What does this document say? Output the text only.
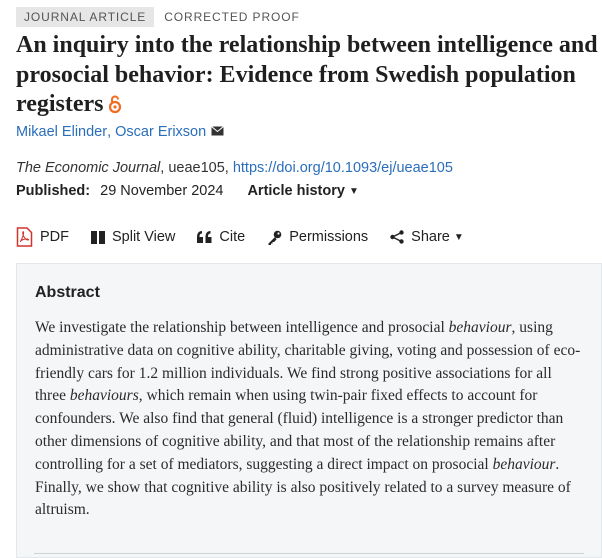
JOURNAL ARTICLE	CORRECTED PROOF
An inquiry into the relationship between intelligence and prosocial behavior: Evidence from Swedish population registers
Mikael Elinder , Oscar Erixson
The Economic Journal, ueae105, https://doi.org/10.1093/ej/ueae105
Published: 29 November 2024 Article history ▼
PDF	Split View	Cite	Permissions	Share ▼
Abstract

We investigate the relationship between intelligence and prosocial behaviour, using administrative data on cognitive ability, charitable giving, voting and possession of eco-friendly cars for 1.2 million individuals. We find strong positive associations for all three behaviours, which remain when using twin-pair fixed effects to account for confounders. We also find that general (fluid) intelligence is a stronger predictor than other dimensions of cognitive ability, and that most of the relationship remains after controlling for a set of mediators, suggesting a direct impact on prosocial behaviour. Finally, we show that cognitive ability is also positively related to a survey measure of altruism.
